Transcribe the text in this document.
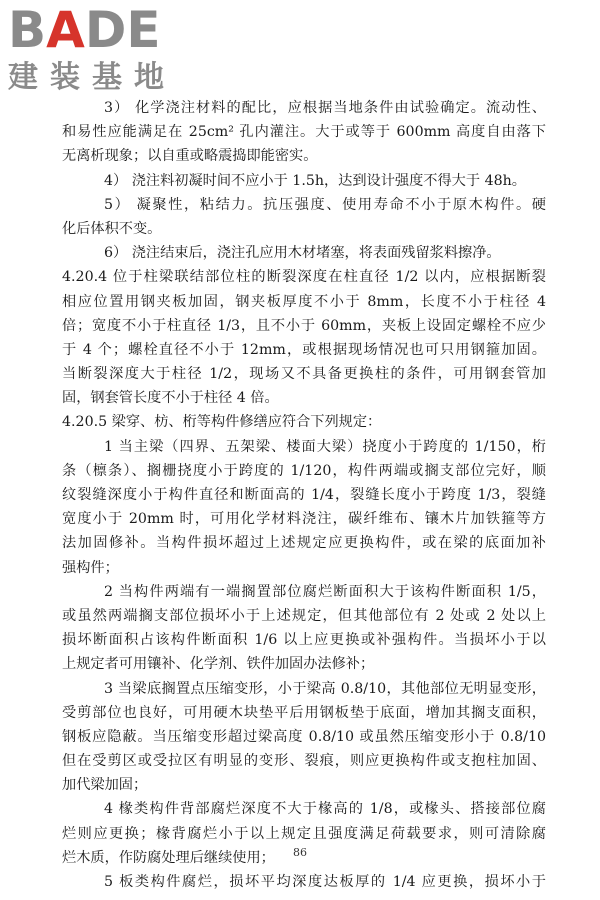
BADE
建装基地
3） 化学浇注材料的配比，应根据当地条件由试验确定。流动性、
和易性应能满足在 25cm² 孔内灌注。大于或等于 600mm 高度自由落下
无离析现象；以自重或略震捣即能密实。
4） 浇注料初凝时间不应小于 1.5h，达到设计强度不得大于 48h。
5） 凝聚性，粘结力。抗压强度、使用寿命不小于原木构件。硬
化后体积不变。
6） 浇注结束后，浇注孔应用木材堵塞，将表面残留浆料擦净。
4.20.4 位于柱梁联结部位柱的断裂深度在柱直径 1/2 以内，应根据断裂
相应位置用钢夹板加固，钢夹板厚度不小于 8mm，长度不小于柱径 4
倍；宽度不小于柱直径 1/3，且不小于 60mm，夹板上设固定螺栓不应少
于 4 个；螺栓直径不小于 12mm，或根据现场情况也可只用钢箍加固。
当断裂深度大于柱径 1/2，现场又不具备更换柱的条件，可用钢套管加
固，钢套管长度不小于柱径 4 倍。
4.20.5 梁穿、枋、桁等构件修缮应符合下列规定：
1 当主梁（四界、五架梁、楼面大梁）挠度小于跨度的 1/150，桁
条（檩条）、搁栅挠度小于跨度的 1/120，构件两端或搁支部位完好，顺
纹裂缝深度小于构件直径和断面高的 1/4，裂缝长度小于跨度 1/3，裂缝
宽度小于 20mm 时，可用化学材料浇注，碳纤维布、镶木片加铁箍等方
法加固修补。当构件损坏超过上述规定应更换构件，或在梁的底面加补
强构件；
2 当构件两端有一端搁置部位腐烂断面积大于该构件断面积 1/5，
或虽然两端搁支部位损坏小于上述规定，但其他部位有 2 处或 2 处以上
损坏断面积占该构件断面积 1/6 以上应更换或补强构件。当损坏小于以
上规定者可用镶补、化学剂、铁件加固办法修补；
3 当梁底搁置点压缩变形，小于梁高 0.8/10，其他部位无明显变形，
受剪部位也良好，可用硬木块垫平后用钢板垫于底面，增加其搁支面积，
钢板应隐蔽。当压缩变形超过梁高度 0.8/10 或虽然压缩变形小于 0.8/10
但在受剪区或受拉区有明显的变形、裂痕，则应更换构件或支抱柱加固、
加代梁加固；
4 椽类构件背部腐烂深度不大于椽高的 1/8，或椽头、搭接部位腐
烂则应更换；椽背腐烂小于以上规定且强度满足荷载要求，则可清除腐
烂木质，作防腐处理后继续使用；
5 板类构件腐烂，损坏平均深度达板厚的 1/4 应更换，损坏小于
86
